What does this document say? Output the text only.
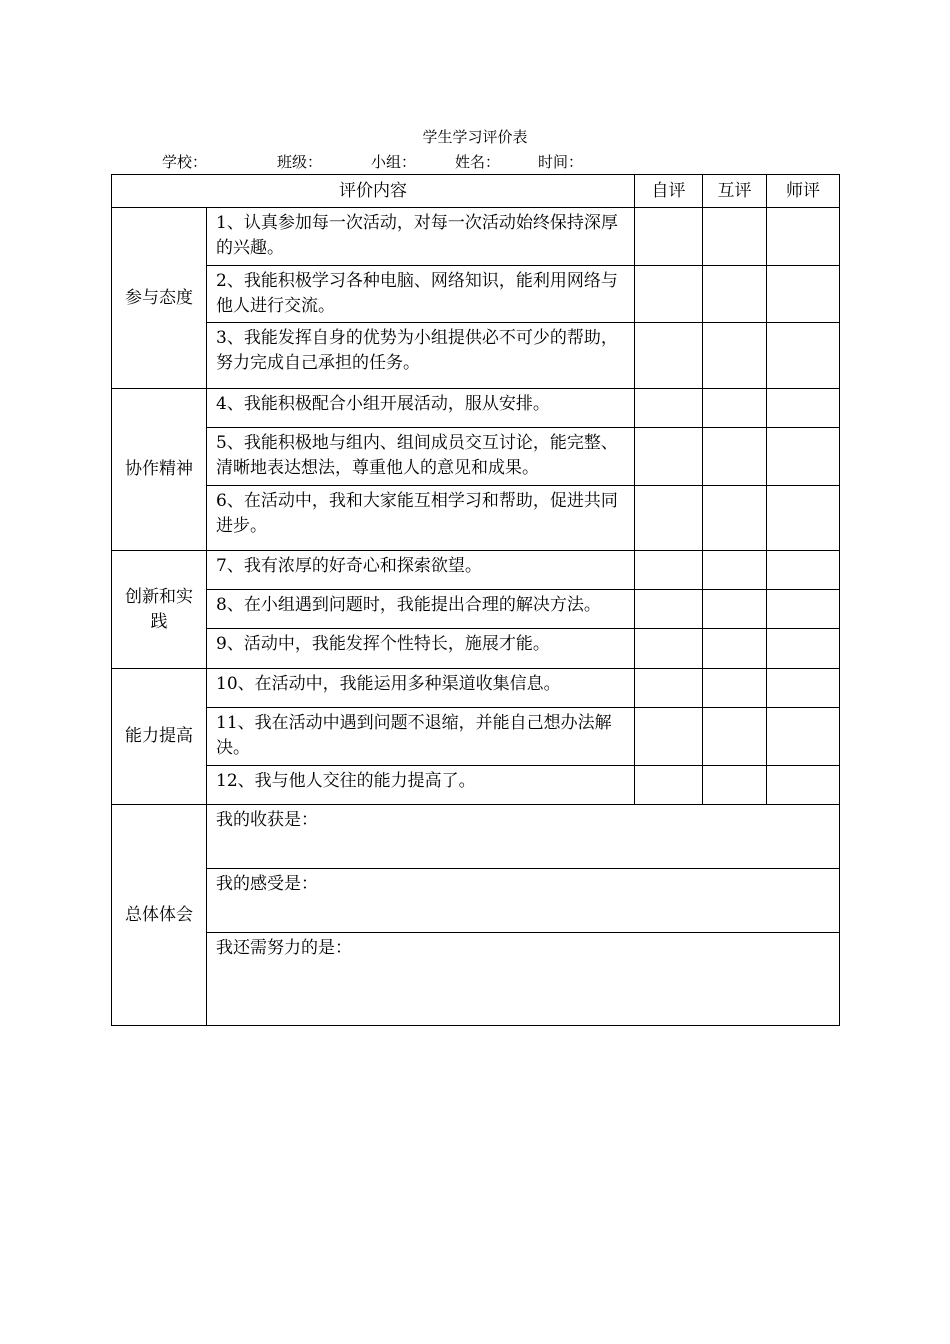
学生学习评价表
学校：	班级：	小组：	姓名：	时间：
评价内容		自评	互评	师评
参与态度	1、认真参加每一次活动，对每一次活动始终保持深厚的兴趣。			
	2、我能积极学习各种电脑、网络知识，能利用网络与他人进行交流。			
	3、我能发挥自身的优势为小组提供必不可少的帮助，努力完成自己承担的任务。			
协作精神	4、我能积极配合小组开展活动，服从安排。			
	5、我能积极地与组内、组间成员交互讨论，能完整、清晰地表达想法，尊重他人的意见和成果。			
	6、在活动中，我和大家能互相学习和帮助，促进共同进步。			
创新和实践	7、我有浓厚的好奇心和探索欲望。			
	8、在小组遇到问题时，我能提出合理的解决方法。			
	9、活动中，我能发挥个性特长，施展才能。			
能力提高	10、在活动中，我能运用多种渠道收集信息。			
	11、我在活动中遇到问题不退缩，并能自己想办法解决。			
	12、我与他人交往的能力提高了。			
总体体会	我的收获是：			
	我的感受是：			
	我还需努力的是：			
